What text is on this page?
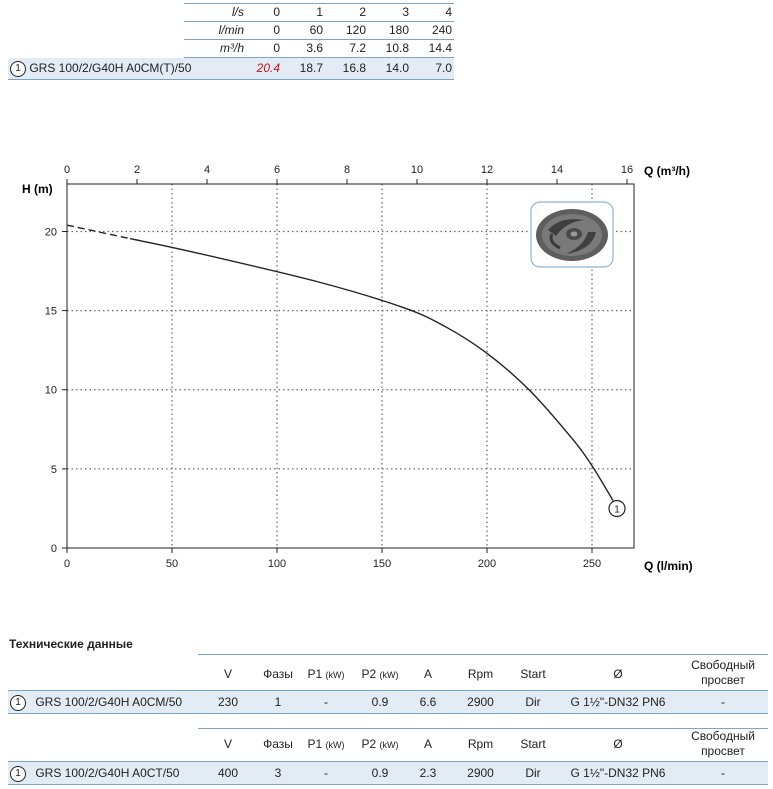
l/s	0	1	2	3	4
l/min	0	60	120	180	240
m³/h	0	3.6	7.2	10.8	14.4
1 GRS 100/2/G40H A0CM(T)/50	20.4	18.7	16.8	14.0	7.0
0	50	100	150	200	250
0
5
10
15
20
0	2	4	6	8	10	12	14	16
H (m)
Q (l/min)
Q (m³/h)
1
Технические данные
V	Фазы	P1 (kW)	P2 (kW)	A	Rpm	Start	Ø
Свободный
просвет
1 GRS 100/2/G40H A0CM/50	230	1	-	0.9	6.6	2900	Dir	G 1½"-DN32 PN6	-
V	Фазы	P1 (kW)	P2 (kW)	A	Rpm	Start	Ø
Свободный
просвет
1 GRS 100/2/G40H A0CT/50	400	3	-	0.9	2.3	2900	Dir	G 1½"-DN32 PN6	-
